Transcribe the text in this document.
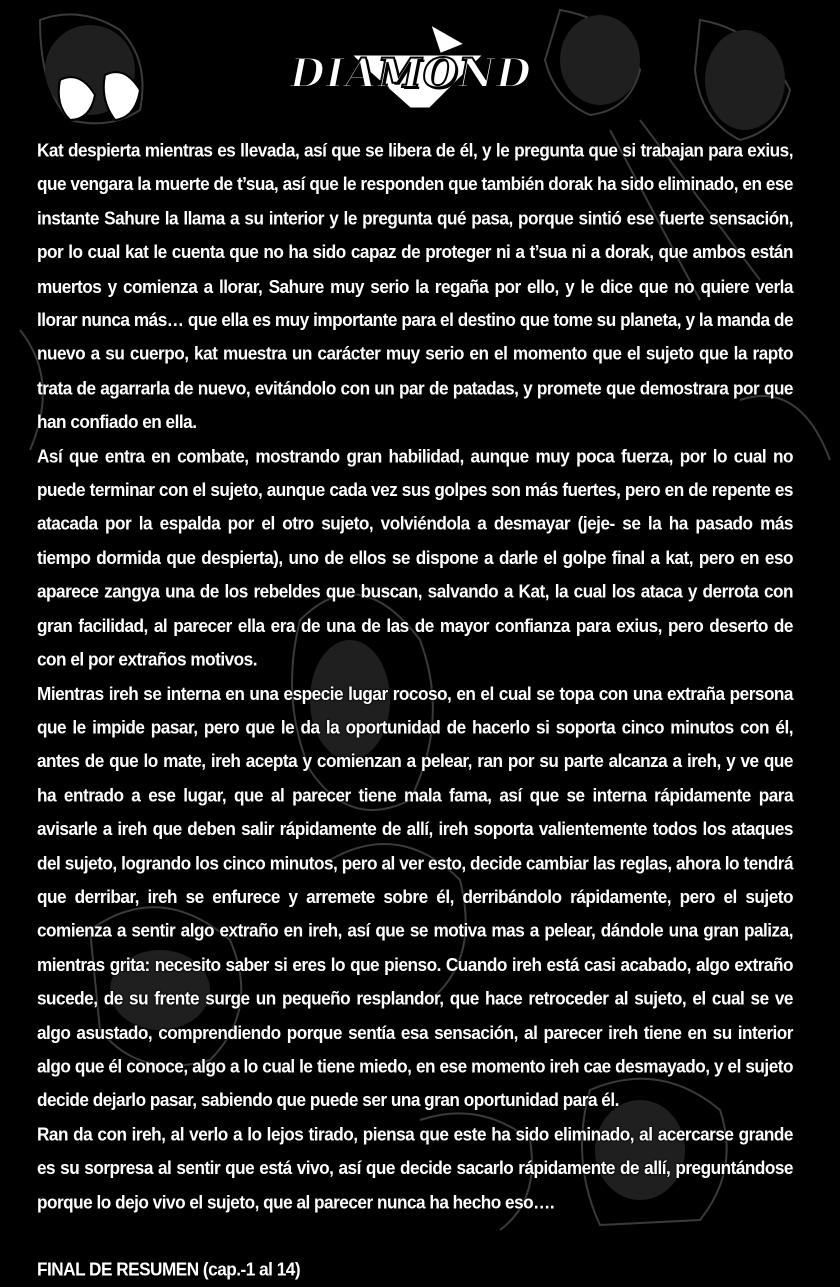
DIAMOND

Kat despierta mientras es llevada, así que se libera de él, y le pregunta que si trabajan para exius, que vengara la muerte de t’sua, así que le responden que también dorak ha sido eliminado, en ese instante Sahure la llama a su interior y le pregunta qué pasa, porque sintió ese fuerte sensación, por lo cual kat le cuenta que no ha sido capaz de proteger ni a t’sua ni a dorak, que ambos están muertos y comienza a llorar, Sahure muy serio la regaña por ello, y le dice que no quiere verla llorar nunca más… que ella es muy importante para el destino que tome su planeta, y la manda de nuevo a su cuerpo, kat muestra un carácter muy serio en el momento que el sujeto que la rapto trata de agarrarla de nuevo, evitándolo con un par de patadas, y promete que demostrara por que han confiado en ella.

Así que entra en combate, mostrando gran habilidad, aunque muy poca fuerza, por lo cual no puede terminar con el sujeto, aunque cada vez sus golpes son más fuertes, pero en de repente es atacada por la espalda por el otro sujeto, volviéndola a desmayar (jeje- se la ha pasado más tiempo dormida que despierta), uno de ellos se dispone a darle el golpe final a kat, pero en eso aparece zangya una de los rebeldes que buscan, salvando a Kat, la cual los ataca y derrota con gran facilidad, al parecer ella era de una de las de mayor confianza para exius, pero deserto de con el por extraños motivos.

Mientras ireh se interna en una especie lugar rocoso, en el cual se topa con una extraña persona que le impide pasar, pero que le da la oportunidad de hacerlo si soporta cinco minutos con él, antes de que lo mate, ireh acepta y comienzan a pelear, ran por su parte alcanza a ireh, y ve que ha entrado a ese lugar, que al parecer tiene mala fama, así que se interna rápidamente para avisarle a ireh que deben salir rápidamente de allí, ireh soporta valientemente todos los ataques del sujeto, logrando los cinco minutos, pero al ver esto, decide cambiar las reglas, ahora lo tendrá que derribar, ireh se enfurece y arremete sobre él, derribándolo rápidamente, pero el sujeto comienza a sentir algo extraño en ireh, así que se motiva mas a pelear, dándole una gran paliza, mientras grita: necesito saber si eres lo que pienso. Cuando ireh está casi acabado, algo extraño sucede, de su frente surge un pequeño resplandor, que hace retroceder al sujeto, el cual se ve algo asustado, comprendiendo porque sentía esa sensación, al parecer ireh tiene en su interior algo que él conoce, algo a lo cual le tiene miedo, en ese momento ireh cae desmayado, y el sujeto decide dejarlo pasar, sabiendo que puede ser una gran oportunidad para él.

Ran da con ireh, al verlo a lo lejos tirado, piensa que este ha sido eliminado, al acercarse grande es su sorpresa al sentir que está vivo, así que decide sacarlo rápidamente de allí, preguntándose porque lo dejo vivo el sujeto, que al parecer nunca ha hecho eso….

FINAL DE RESUMEN (cap.-1 al 14)
